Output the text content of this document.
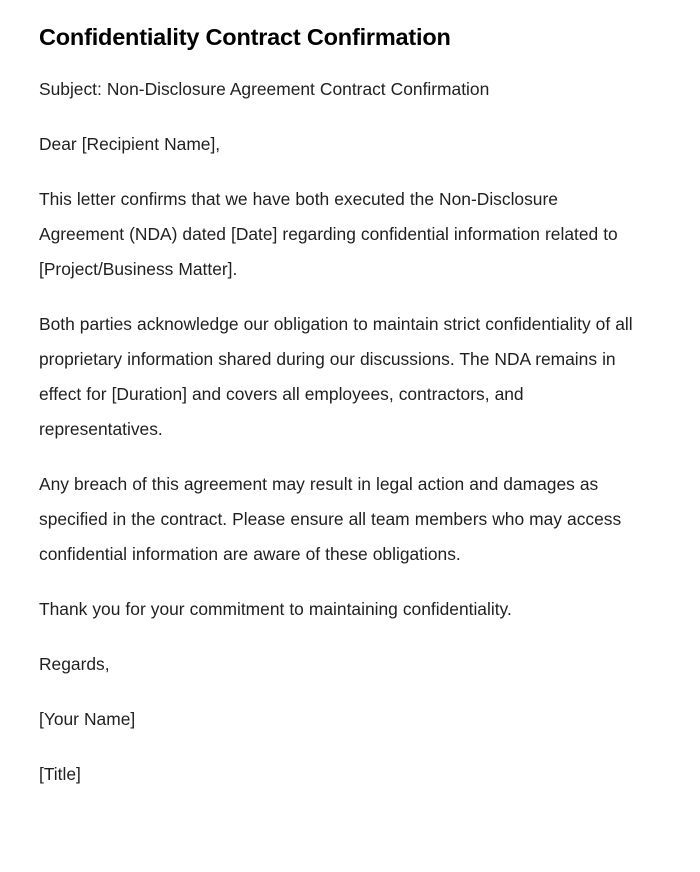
Confidentiality Contract Confirmation

Subject: Non-Disclosure Agreement Contract Confirmation

Dear [Recipient Name],

This letter confirms that we have both executed the Non-Disclosure Agreement (NDA) dated [Date] regarding confidential information related to [Project/Business Matter].

Both parties acknowledge our obligation to maintain strict confidentiality of all proprietary information shared during our discussions. The NDA remains in effect for [Duration] and covers all employees, contractors, and representatives.

Any breach of this agreement may result in legal action and damages as specified in the contract. Please ensure all team members who may access confidential information are aware of these obligations.

Thank you for your commitment to maintaining confidentiality.

Regards,

[Your Name]

[Title]
